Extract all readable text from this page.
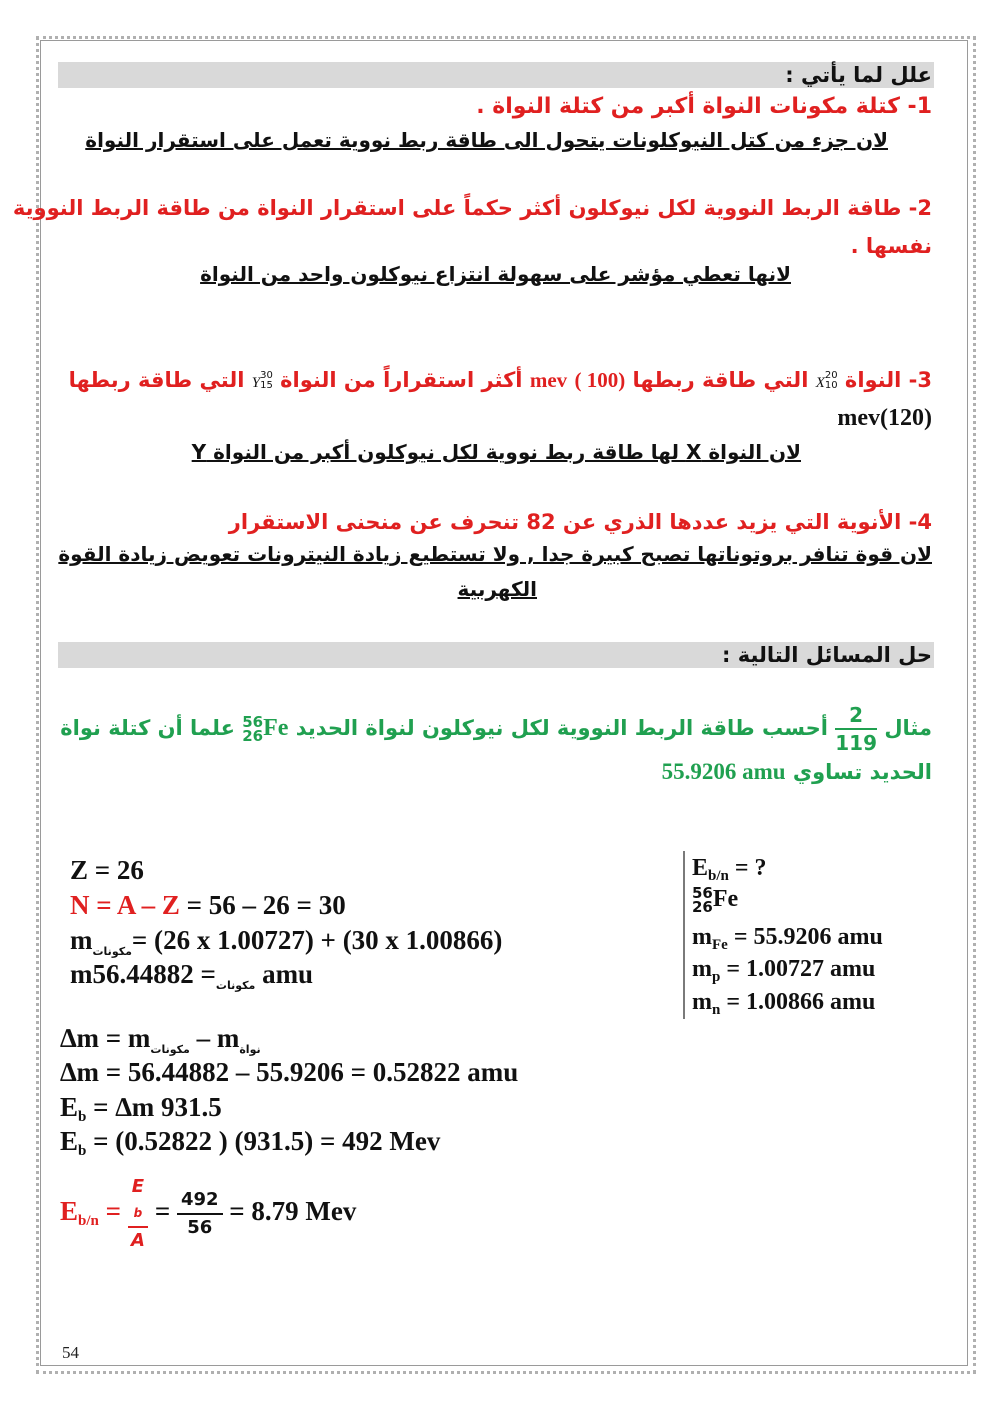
علل لما يأتي :
1- كتلة مكونات النواة أكبر من كتلة النواة .
لان جزء من كتل النيوكلونات يتحول الى طاقة ربط نووية تعمل على استقرار النواة
2- طاقة الربط النووية لكل نيوكلون أكثر حكماً على استقرار النواة من طاقة الربط النووية
نفسها .
لانها تعطي مؤشر على سهولة انتزاع نيوكلون واحد من النواة
3- النواة 20
10X التي طاقة ربطها mev ( 100) أكثر استقراراً من النواة 30
15Y التي طاقة ربطها
(120)mev
لان النواة X لها طاقة ربط نووية لكل نيوكلون أكبر من النواة Y
4- الأنوية التي يزيد عددها الذري عن 82 تنحرف عن منحنى الاستقرار
لان قوة تنافر بروتوناتها تصبح كبيرة جدا , ولا تستطيع زيادة النيترونات تعويض زيادة القوة
الكهربية
حل المسائل التالية :
مثال
$\frac{2}{119}$
أحسب طاقة الربط النووية لكل نيوكلون لنواة الحديد 56
26Fe علما أن كتلة نواة
الحديد تساوي 55.9206 amu
$E_{b/n}$ = ?
56
26Fe
$m_{Fe} = 55.9206$ amu
$m_p = 1.00727$ amu
$m_n = 1.00866$ amu
Z = 26
N = A – Z = 56 – 26 = 30
$m_{مكونات}= (26$ x 1.00727) + (30 x 1.00866)
m	$_{مكونات}$= 56.44882 amu
$\Delta m = m_{مكونات} - m_{نواة}$
∆m = 56.44882 – 55.9206 = 0.52822 amu
$E_b = \Delta m$ 931.5
$E_b = (0.52822$ ) (931.5) = 492 Mev
$E_{b/n} = E$
b
$A = \frac{492}{56} = 8.79$ Mev
54
